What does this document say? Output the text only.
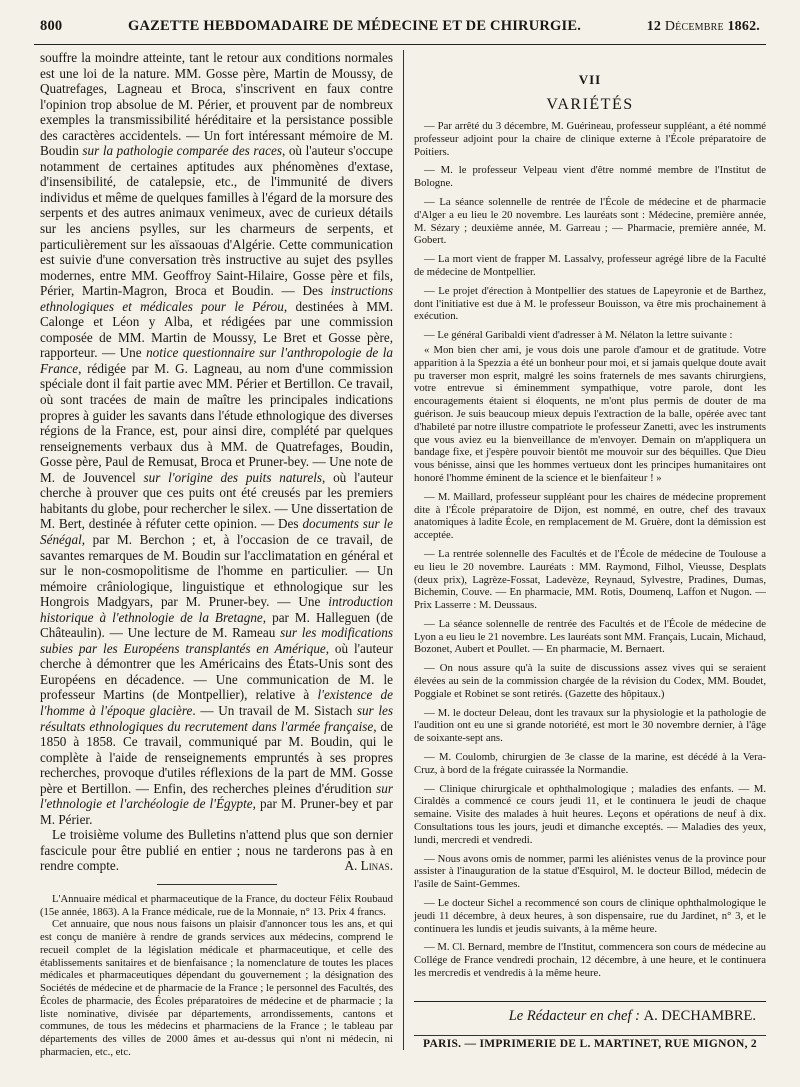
800	GAZETTE HEBDOMADAIRE DE MÉDECINE ET DE CHIRURGIE.	12 Décembre 1862.

souffre la moindre atteinte, tant le retour aux conditions normales est une loi de la nature. MM. Gosse père, Martin de Moussy, de Quatrefages, Lagneau et Broca, s'inscrivent en faux contre l'opinion trop absolue de M. Périer, et prouvent par de nombreux exemples la transmissibilité héréditaire et la persistance possible des caractères accidentels. — Un fort intéressant mémoire de M. Boudin sur la pathologie comparée des races, où l'auteur s'occupe notamment de certaines aptitudes aux phénomènes d'extase, d'insensibilité, de catalepsie, etc., de l'immunité de divers individus et même de quelques familles à l'égard de la morsure des serpents et des autres animaux venimeux, avec de curieux détails sur les anciens psylles, sur les charmeurs de serpents, et particulièrement sur les aïssaouas d'Algérie. Cette communication est suivie d'une conversation très instructive au sujet des psylles modernes, entre MM. Geoffroy Saint-Hilaire, Gosse père et fils, Périer, Martin-Magron, Broca et Boudin. — Des instructions ethnologiques et médicales pour le Pérou, destinées à MM. Calonge et Léon y Alba, et rédigées par une commission composée de MM. Martin de Moussy, Le Bret et Gosse père, rapporteur. — Une notice questionnaire sur l'anthropologie de la France, rédigée par M. G. Lagneau, au nom d'une commission spéciale dont il fait partie avec MM. Périer et Bertillon. Ce travail, où sont tracées de main de maître les principales indications propres à guider les savants dans l'étude ethnologique des diverses régions de la France, est, pour ainsi dire, complété par quelques renseignements verbaux dus à MM. de Quatrefages, Boudin, Gosse père, Paul de Remusat, Broca et Pruner-bey. — Une note de M. de Jouvencel sur l'origine des puits naturels, où l'auteur cherche à prouver que ces puits ont été creusés par les premiers habitants du globe, pour rechercher le silex. — Une dissertation de M. Bert, destinée à réfuter cette opinion. — Des documents sur le Sénégal, par M. Berchon ; et, à l'occasion de ce travail, de savantes remarques de M. Boudin sur l'acclimatation en général et sur le non-cosmopolitisme de l'homme en particulier. — Un mémoire crâniologique, linguistique et ethnologique sur les Hongrois Madgyars, par M. Pruner-bey. — Une introduction historique à l'ethnologie de la Bretagne, par M. Halleguen (de Châteaulin). — Une lecture de M. Rameau sur les modifications subies par les Européens transplantés en Amérique, où l'auteur cherche à démontrer que les Américains des États-Unis sont des Européens en décadence. — Une communication de M. le professeur Martins (de Montpellier), relative à l'existence de l'homme à l'époque glacière. — Un travail de M. Sistach sur les résultats ethnologiques du recrutement dans l'armée française, de 1850 à 1858. Ce travail, communiqué par M. Boudin, qui le complète à l'aide de renseignements empruntés à ses propres recherches, provoque d'utiles réflexions de la part de MM. Gosse père et Bertillon. — Enfin, des recherches pleines d'érudition sur l'ethnologie et l'archéologie de l'Égypte, par M. Pruner-bey et par M. Périer.

Le troisième volume des Bulletins n'attend plus que son dernier fascicule pour être publié en entier ; nous ne tarderons pas à en rendre compte.	A. Linas.

L'Annuaire médical et pharmaceutique de la France, du docteur Félix Roubaud (15e année, 1863). A la France médicale, rue de la Monnaie, n° 13. Prix 4 francs.

Cet annuaire, que nous nous faisons un plaisir d'annoncer tous les ans, et qui est conçu de manière à rendre de grands services aux médecins, comprend le recueil complet de la législation médicale et pharmaceutique, et celle des établissements sanitaires et de bienfaisance ; la nomenclature de toutes les places médicales et pharmaceutiques dépendant du gouvernement ; la désignation des Sociétés de médecine et de pharmacie de la France ; le personnel des Facultés, des Écoles de pharmacie, des Écoles préparatoires de médecine et de pharmacie ; la liste nominative, divisée par départements, arrondissements, cantons et communes, de tous les médecins et pharmaciens de la France ; le tableau par départements des villes de 2000 âmes et au-dessus qui n'ont ni médecin, ni pharmacien, etc., etc.

VII
VARIÉTÉS

— Par arrêté du 3 décembre, M. Guérineau, professeur suppléant, a été nommé professeur adjoint pour la chaire de clinique externe à l'École préparatoire de Poitiers.

— M. le professeur Velpeau vient d'être nommé membre de l'Institut de Bologne.

— La séance solennelle de rentrée de l'École de médecine et de pharmacie d'Alger a eu lieu le 20 novembre. Les lauréats sont : Médecine, première année, M. Sézary ; deuxième année, M. Garreau ; — Pharmacie, première année, M. Gobert.

— La mort vient de frapper M. Lassalvy, professeur agrégé libre de la Faculté de médecine de Montpellier.

— Le projet d'érection à Montpellier des statues de Lapeyronie et de Barthez, dont l'initiative est due à M. le professeur Bouisson, va être mis prochainement à exécution.

— Le général Garibaldi vient d'adresser à M. Nélaton la lettre suivante :

« Mon bien cher ami, je vous dois une parole d'amour et de gratitude. Votre apparition à la Spezzia a été un bonheur pour moi, et si jamais quelque doute avait pu traverser mon esprit, malgré les soins fraternels de mes savants chirurgiens, votre entrevue si éminemment sympathique, votre parole, dont les encouragements étaient si éloquents, ne m'ont plus permis de douter de ma guérison. Je suis beaucoup mieux depuis l'extraction de la balle, opérée avec tant d'habileté par notre illustre compatriote le professeur Zanetti, avec les instruments que vous aviez eu la bienveillance de m'envoyer. Demain on m'appliquera un bandage fixe, et j'espère pouvoir bientôt me mouvoir sur des béquilles. Que Dieu vous bénisse, ainsi que les hommes vertueux dont les principes humanitaires ont honoré l'homme éminent de la science et le bienfaiteur ! »

— M. Maillard, professeur suppléant pour les chaires de médecine proprement dite à l'École préparatoire de Dijon, est nommé, en outre, chef des travaux anatomiques à ladite École, en remplacement de M. Gruère, dont la démission est acceptée.

— La rentrée solennelle des Facultés et de l'École de médecine de Toulouse a eu lieu le 20 novembre. Lauréats : MM. Raymond, Filhol, Vieusse, Desplats (deux prix), Lagrèze-Fossat, Ladevèze, Reynaud, Sylvestre, Pradines, Dumas, Bichemin, Couve. — En pharmacie, MM. Rotis, Doumenq, Laffon et Nugon. — Prix Lasserre : M. Deussaus.

— La séance solennelle de rentrée des Facultés et de l'École de médecine de Lyon a eu lieu le 21 novembre. Les lauréats sont MM. Français, Lucain, Michaud, Bozonet, Aubert et Poullet. — En pharmacie, M. Bernaert.

— On nous assure qu'à la suite de discussions assez vives qui se seraient élevées au sein de la commission chargée de la révision du Codex, MM. Boudet, Poggiale et Robinet se sont retirés. (Gazette des hôpitaux.)

— M. le docteur Deleau, dont les travaux sur la physiologie et la pathologie de l'audition ont eu une si grande notoriété, est mort le 30 novembre dernier, à l'âge de soixante-sept ans.

— M. Coulomb, chirurgien de 3e classe de la marine, est décédé à la Vera-Cruz, à bord de la frégate cuirassée la Normandie.

— Clinique chirurgicale et ophthalmologique ; maladies des enfants. — M. Ciraldès a commencé ce cours jeudi 11, et le continuera le jeudi de chaque semaine. Visite des malades à huit heures. Leçons et opérations de neuf à dix. Consultations tous les jours, jeudi et dimanche exceptés. — Maladies des yeux, lundi, mercredi et vendredi.

— Nous avons omis de nommer, parmi les aliénistes venus de la province pour assister à l'inauguration de la statue d'Esquirol, M. le docteur Billod, médecin de l'asile de Saint-Gemmes.

— Le docteur Sichel a recommencé son cours de clinique ophthalmologique le jeudi 11 décembre, à deux heures, à son dispensaire, rue du Jardinet, n° 3, et le continuera les lundis et jeudis suivants, à la même heure.

— M. Cl. Bernard, membre de l'Institut, commencera son cours de médecine au Collége de France vendredi prochain, 12 décembre, à une heure, et le continuera les mercredis et vendredis à la même heure.

Le Rédacteur en chef : A. DECHAMBRE.
PARIS. — IMPRIMERIE DE L. MARTINET, RUE MIGNON, 2
